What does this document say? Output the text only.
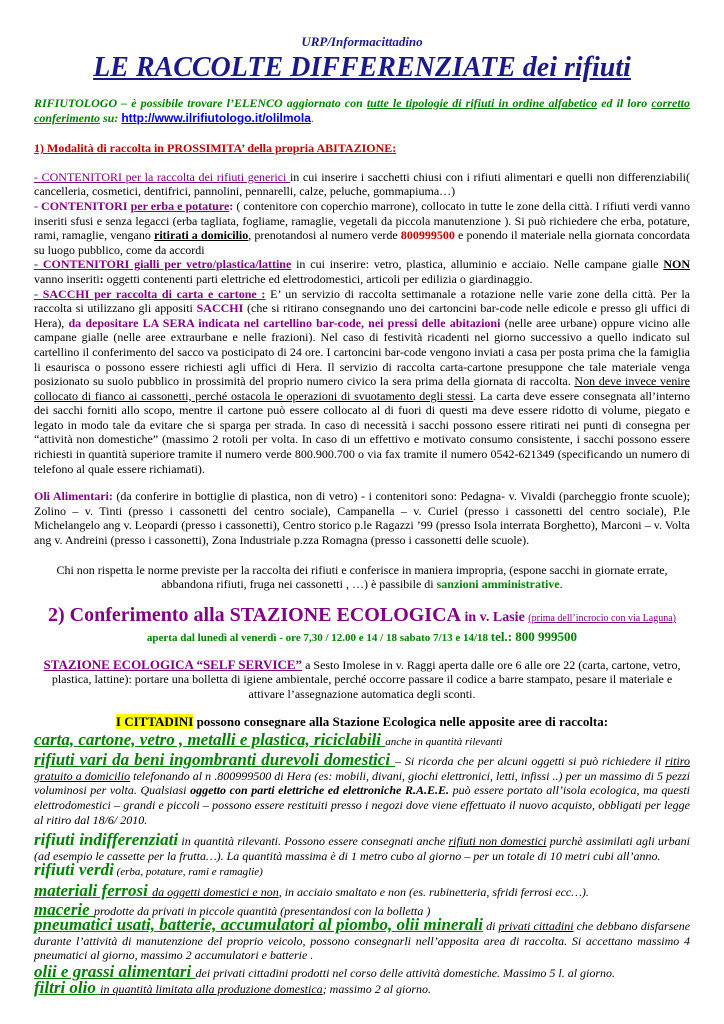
URP/Informacittadino

LE RACCOLTE DIFFERENZIATE dei rifiuti

RIFIUTOLOGO – è possibile trovare l’ELENCO aggiornato con tutte le tipologie di rifiuti in ordine alfabetico ed il loro corretto conferimento su: http://www.ilrifiutologo.it/olilmola.

1) Modalità di raccolta in PROSSIMITA’ della propria ABITAZIONE:

- CONTENITORI per la raccolta dei rifiuti generici in cui inserire i sacchetti chiusi con i rifiuti alimentari e quelli non differenziabili( cancelleria, cosmetici, dentifrici, pannolini, pennarelli, calze, peluche, gommapiuma…)

- CONTENITORI per erba e potature: ( contenitore con coperchio marrone), collocato in tutte le zone della città. I rifiuti verdi vanno inseriti sfusi e senza legacci (erba tagliata, fogliame, ramaglie, vegetali da piccola manutenzione ). Si può richiedere che erba, potature, rami, ramaglie, vengano ritirati a domicilio, prenotandosi al numero verde 800999500 e ponendo il materiale nella giornata concordata su luogo pubblico, come da accordi

- CONTENITORI gialli per vetro/plastica/lattine in cui inserire: vetro, plastica, alluminio e acciaio. Nelle campane gialle NON vanno inseriti: oggetti contenenti parti elettriche ed elettrodomestici, articoli per edilizia o giardinaggio.

- SACCHI per raccolta di carta e cartone : E’ un servizio di raccolta settimanale a rotazione nelle varie zone della città. Per la raccolta si utilizzano gli appositi SACCHI (che si ritirano consegnando uno dei cartoncini bar-code nelle edicole e presso gli uffici di Hera), da depositare LA SERA indicata nel cartellino bar-code, nei pressi delle abitazioni (nelle aree urbane) oppure vicino alle campane gialle (nelle aree extraurbane e nelle frazioni). Nel caso di festività ricadenti nel giorno successivo a quello indicato sul cartellino il conferimento del sacco va posticipato di 24 ore. I cartoncini bar-code vengono inviati a casa per posta prima che la famiglia li esaurisca o possono essere richiesti agli uffici di Hera. Il servizio di raccolta carta-cartone presuppone che tale materiale venga posizionato su suolo pubblico in prossimità del proprio numero civico la sera prima della giornata di raccolta. Non deve invece venire collocato di fianco ai cassonetti, perché ostacola le operazioni di svuotamento degli stessi. La carta deve essere consegnata all’interno dei sacchi forniti allo scopo, mentre il cartone può essere collocato al di fuori di questi ma deve essere ridotto di volume, piegato e legato in modo tale da evitare che si sparga per strada. In caso di necessità i sacchi possono essere ritirati nei punti di consegna per “attività non domestiche” (massimo 2 rotoli per volta. In caso di un effettivo e motivato consumo consistente, i sacchi possono essere richiesti in quantità superiore tramite il numero verde 800.900.700 o via fax tramite il numero 0542-621349 (specificando un numero di telefono al quale essere richiamati).

Oli Alimentari: (da conferire in bottiglie di plastica, non di vetro) - i contenitori sono: Pedagna- v. Vivaldi (parcheggio fronte scuole); Zolino – v. Tinti (presso i cassonetti del centro sociale), Campanella – v. Curiel (presso i cassonetti del centro sociale), P.le Michelangelo ang v. Leopardi (presso i cassonetti), Centro storico p.le Ragazzi ’99 (presso Isola interrata Borghetto), Marconi – v. Volta ang v. Andreini (presso i cassonetti), Zona Industriale p.zza Romagna (presso i cassonetti delle scuole).

Chi non rispetta le norme previste per la raccolta dei rifiuti e conferisce in maniera impropria, (espone sacchi in giornate errate, abbandona rifiuti, fruga nei cassonetti , …) è passibile di sanzioni amministrative.

2) Conferimento alla STAZIONE ECOLOGICA in v. Lasie (prima dell’incrocio con via Laguna)

aperta dal lunedì al venerdì - ore 7,30 / 12.00 e 14 / 18 sabato 7/13 e 14/18 tel.: 800 999500

STAZIONE ECOLOGICA “SELF SERVICE” a Sesto Imolese in v. Raggi aperta dalle ore 6 alle ore 22 (carta, cartone, vetro, plastica, lattine): portare una bolletta di igiene ambientale, perché occorre passare il codice a barre stampato, pesare il materiale e attivare l’assegnazione automatica degli sconti.

I CITTADINI possono consegnare alla Stazione Ecologica nelle apposite aree di raccolta:

carta, cartone, vetro , metalli e plastica, riciclabili anche in quantità rilevanti

rifiuti vari da beni ingombranti durevoli domestici – Si ricorda che per alcuni oggetti si può richiedere il ritiro gratuito a domicilio telefonando al n .800999500 di Hera (es: mobili, divani, giochi elettronici, letti, infissi ..) per un massimo di 5 pezzi voluminosi per volta. Qualsiasi oggetto con parti elettriche ed elettroniche R.A.E.E. può essere portato all’isola ecologica, ma questi elettrodomestici – grandi e piccoli – possono essere restituiti presso i negozi dove viene effettuato il nuovo acquisto, obbligati per legge al ritiro dal 18/6/ 2010.

rifiuti indifferenziati in quantità rilevanti. Possono essere consegnati anche rifiuti non domestici purchè assimilati agli urbani (ad esempio le cassette per la frutta…). La quantità massima è di 1 metro cubo al giorno – per un totale di 10 metri cubi all’anno.

rifiuti verdi (erba, potature, rami e ramaglie)

materiali ferrosi da oggetti domestici e non, in acciaio smaltato e non (es. rubinetteria, sfridi ferrosi ecc…).

macerie prodotte da privati in piccole quantità (presentandosi con la bolletta )

pneumatici usati, batterie, accumulatori al piombo, olii minerali di privati cittadini che debbano disfarsene durante l’attività di manutenzione del proprio veicolo, possono consegnarli nell’apposita area di raccolta. Si accettano massimo 4 pneumatici al giorno, massimo 2 accumulatori e batterie .

olii e grassi alimentari dei privati cittadini prodotti nel corso delle attività domestiche. Massimo 5 l. al giorno.

filtri olio in quantità limitata alla produzione domestica; massimo 2 al giorno.
